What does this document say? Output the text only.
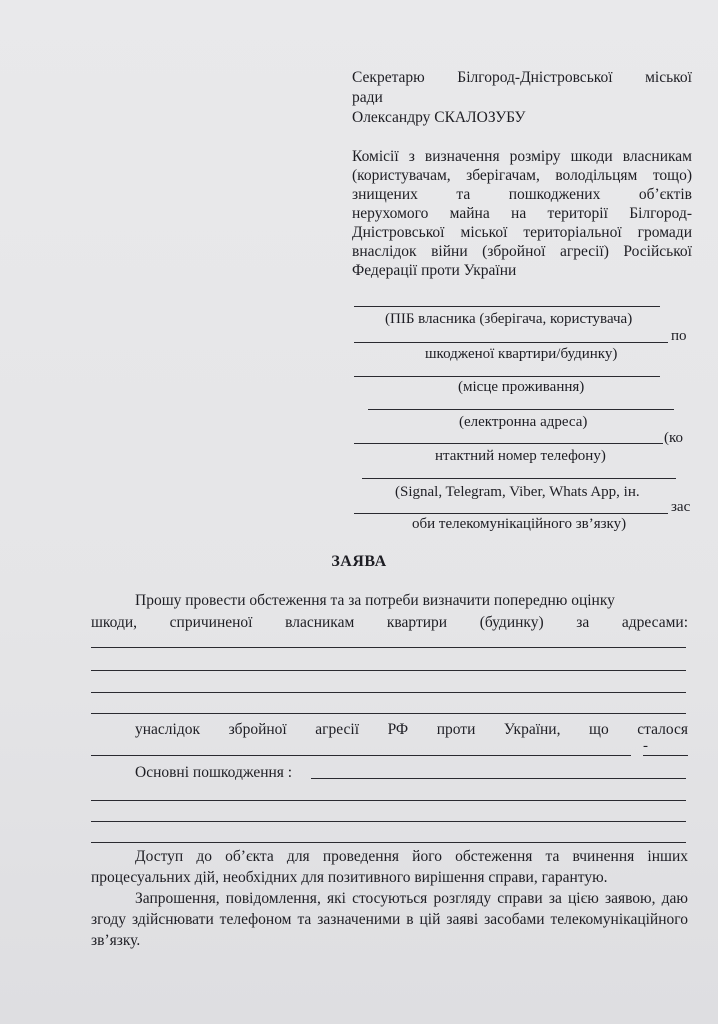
Секретарю Білгород-Дністровської міської
ради
Олександру СКАЛОЗУБУ
Комісії з визначення розміру шкоди власникам
(користувачам, зберігачам, володільцям тощо)
знищених та пошкоджених об’єктів
нерухомого майна на території Білгород-
Дністровської міської територіальної громади
внаслідок війни (збройної агресії) Російської
Федерації проти України
(ПІБ власника (зберігача, користувача)
по
шкодженої квартири/будинку)
(місце проживання)
(електронна адреса)
(ко
нтактний номер телефону)
(Signal, Telegram, Viber, Whats App, ін.
зас
оби телекомунікаційного зв’язку)
ЗАЯВА
Прошу провести обстеження та за потреби визначити попередню оцінку
шкоди, спричиненої власникам квартири (будинку) за адресами:
унаслідок збройної агресії РФ проти України, що сталося
-
Основні пошкодження :
Доступ до об’єкта для проведення його обстеження та вчинення інших процесуальних дій, необхідних для позитивного вирішення справи, гарантую.
Запрошення, повідомлення, які стосуються розгляду справи за цією заявою, даю згоду здійснювати телефоном та зазначеними в цій заяві засобами телекомунікаційного зв’язку.
